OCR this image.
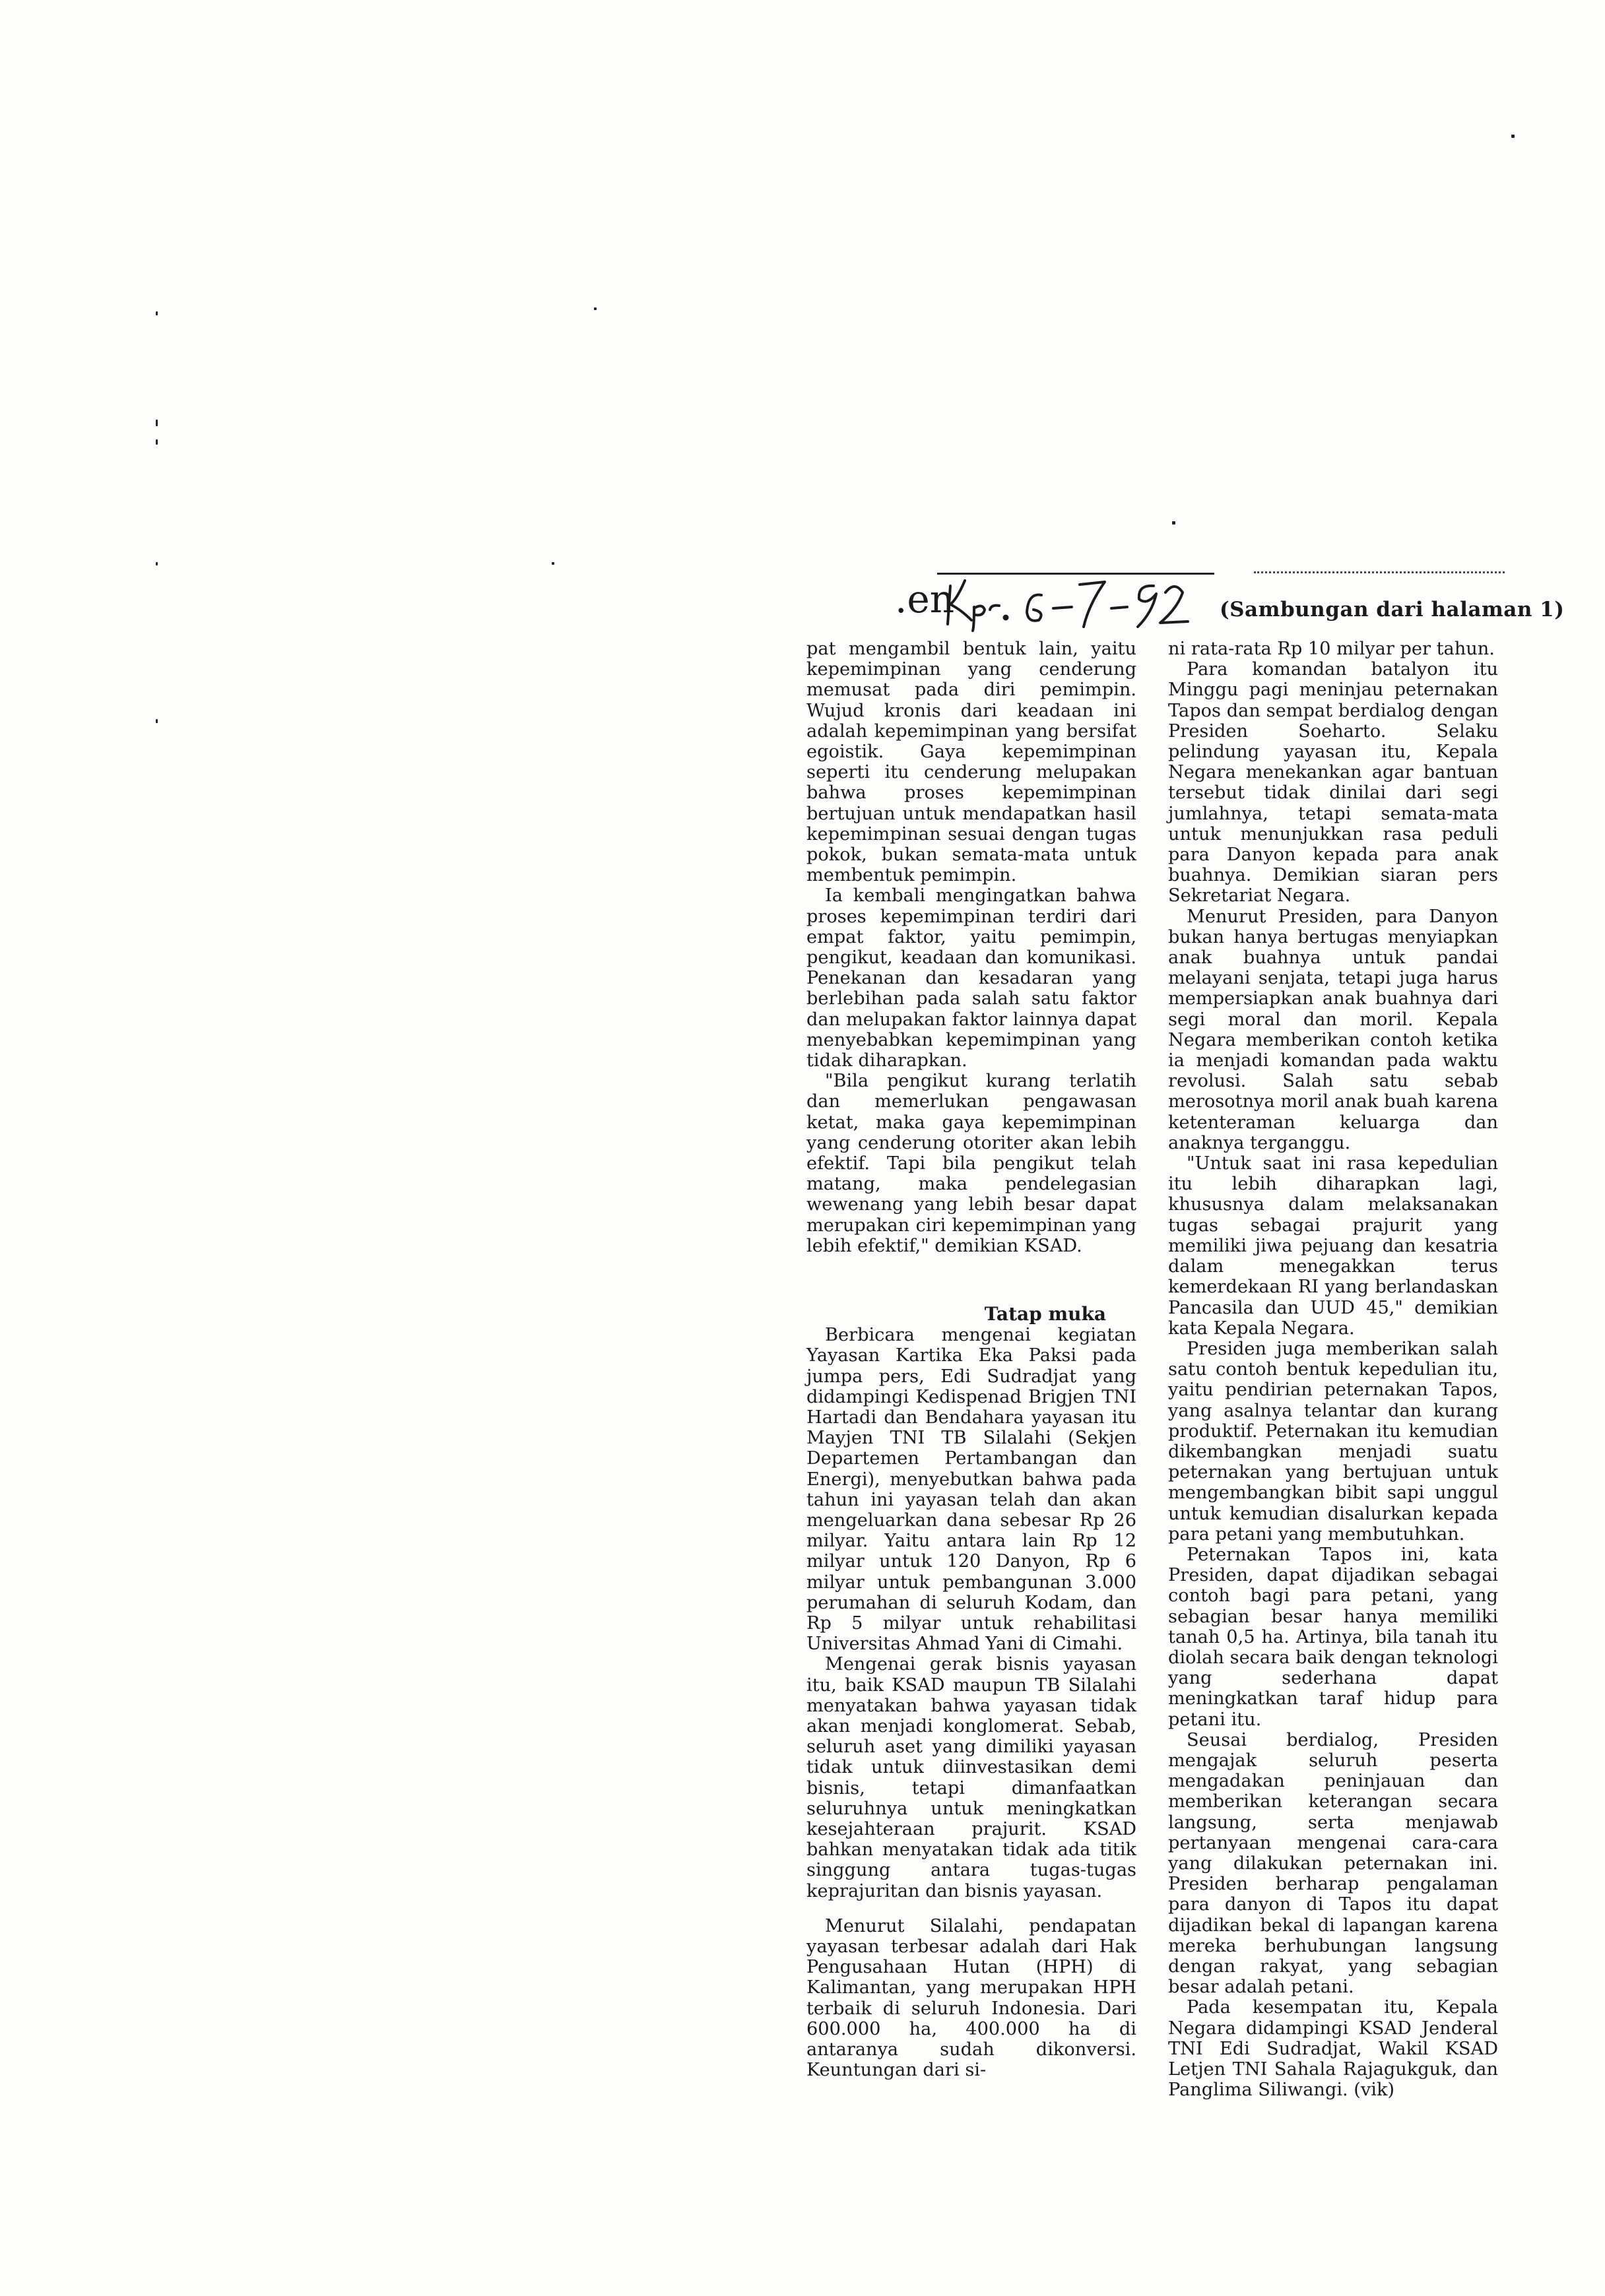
.en	(Sambungan dari halaman 1)

pat mengambil bentuk lain, yaitu kepemimpinan yang cenderung memusat pada diri pemimpin. Wujud kronis dari keadaan ini adalah kepemimpinan yang bersifat egoistik. Gaya kepemimpinan seperti itu cenderung melupakan bahwa proses kepemimpinan bertujuan untuk mendapatkan hasil kepemimpinan sesuai dengan tugas pokok, bukan semata-mata untuk membentuk pemimpin.

Ia kembali mengingatkan bahwa proses kepemimpinan terdiri dari empat faktor, yaitu pemimpin, pengikut, keadaan dan komunikasi. Penekanan dan kesadaran yang berlebihan pada salah satu faktor dan melupakan faktor lainnya dapat menyebabkan kepemimpinan yang tidak diharapkan.

"Bila pengikut kurang terlatih dan memerlukan pengawasan ketat, maka gaya kepemimpinan yang cenderung otoriter akan lebih efektif. Tapi bila pengikut telah matang, maka pendelegasian wewenang yang lebih besar dapat merupakan ciri kepemimpinan yang lebih efektif," demikian KSAD.

Tatap muka

Berbicara mengenai kegiatan Yayasan Kartika Eka Paksi pada jumpa pers, Edi Sudradjat yang didampingi Kedispenad Brigjen TNI Hartadi dan Bendahara yayasan itu Mayjen TNI TB Silalahi (Sekjen Departemen Pertambangan dan Energi), menyebutkan bahwa pada tahun ini yayasan telah dan akan mengeluarkan dana sebesar Rp 26 milyar. Yaitu antara lain Rp 12 milyar untuk 120 Danyon, Rp 6 milyar untuk pembangunan 3.000 perumahan di seluruh Kodam, dan Rp 5 milyar untuk rehabilitasi Universitas Ahmad Yani di Cimahi.

Mengenai gerak bisnis yayasan itu, baik KSAD maupun TB Silalahi menyatakan bahwa yayasan tidak akan menjadi konglomerat. Sebab, seluruh aset yang dimiliki yayasan tidak untuk diinvestasikan demi bisnis, tetapi dimanfaatkan seluruhnya untuk meningkatkan kesejahteraan prajurit. KSAD bahkan menyatakan tidak ada titik singgung antara tugas-tugas keprajuritan dan bisnis yayasan.

Menurut Silalahi, pendapatan yayasan terbesar adalah dari Hak Pengusahaan Hutan (HPH) di Kalimantan, yang merupakan HPH terbaik di seluruh Indonesia. Dari 600.000 ha, 400.000 ha di antaranya sudah dikonversi. Keuntungan dari si-

ni rata-rata Rp 10 milyar per tahun.

Para komandan batalyon itu Minggu pagi meninjau peternakan Tapos dan sempat berdialog dengan Presiden Soeharto. Selaku pelindung yayasan itu, Kepala Negara menekankan agar bantuan tersebut tidak dinilai dari segi jumlahnya, tetapi semata-mata untuk menunjukkan rasa peduli para Danyon kepada para anak buahnya. Demikian siaran pers Sekretariat Negara.

Menurut Presiden, para Danyon bukan hanya bertugas menyiapkan anak buahnya untuk pandai melayani senjata, tetapi juga harus mempersiapkan anak buahnya dari segi moral dan moril. Kepala Negara memberikan contoh ketika ia menjadi komandan pada waktu revolusi. Salah satu sebab merosotnya moril anak buah karena ketenteraman keluarga dan anaknya terganggu.

"Untuk saat ini rasa kepedulian itu lebih diharapkan lagi, khususnya dalam melaksanakan tugas sebagai prajurit yang memiliki jiwa pejuang dan kesatria dalam menegakkan terus kemerdekaan RI yang berlandaskan Pancasila dan UUD 45," demikian kata Kepala Negara.

Presiden juga memberikan salah satu contoh bentuk kepedulian itu, yaitu pendirian peternakan Tapos, yang asalnya telantar dan kurang produktif. Peternakan itu kemudian dikembangkan menjadi suatu peternakan yang bertujuan untuk mengembangkan bibit sapi unggul untuk kemudian disalurkan kepada para petani yang membutuhkan.

Peternakan Tapos ini, kata Presiden, dapat dijadikan sebagai contoh bagi para petani, yang sebagian besar hanya memiliki tanah 0,5 ha. Artinya, bila tanah itu diolah secara baik dengan teknologi yang sederhana dapat meningkatkan taraf hidup para petani itu.

Seusai berdialog, Presiden mengajak seluruh peserta mengadakan peninjauan dan memberikan keterangan secara langsung, serta menjawab pertanyaan mengenai cara-cara yang dilakukan peternakan ini. Presiden berharap pengalaman para danyon di Tapos itu dapat dijadikan bekal di lapangan karena mereka berhubungan langsung dengan rakyat, yang sebagian besar adalah petani.

Pada kesempatan itu, Kepala Negara didampingi KSAD Jenderal TNI Edi Sudradjat, Wakil KSAD Letjen TNI Sahala Rajagukguk, dan Panglima Siliwangi. (vik)
